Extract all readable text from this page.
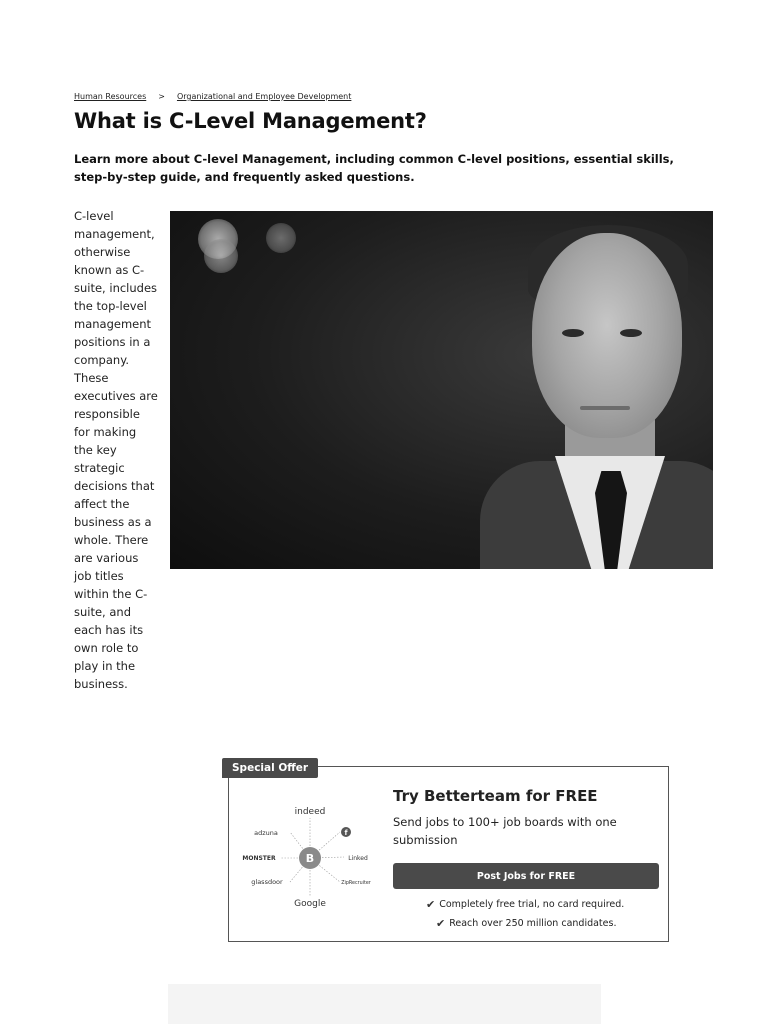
Human Resources > Organizational and Employee Development
What is C-Level Management?

Learn more about C-level Management, including common C-level positions, essential skills, step-by-step guide, and frequently asked questions.

C-level management, otherwise known as C-suite, includes the top-level management positions in a company. These executives are responsible for making the key strategic decisions that affect the business as a whole. There are various job titles within the C-suite, and each has its own role to play in the business.

Special Offer
B
indeed
adzuna	f
MONSTER	Linked
glassdoor	ZipRecruiter
Google
Try Betterteam for FREE

Send jobs to 100+ job boards with one submission

Post Jobs for FREE
✔ Completely free trial, no card required.
✔ Reach over 250 million candidates.
